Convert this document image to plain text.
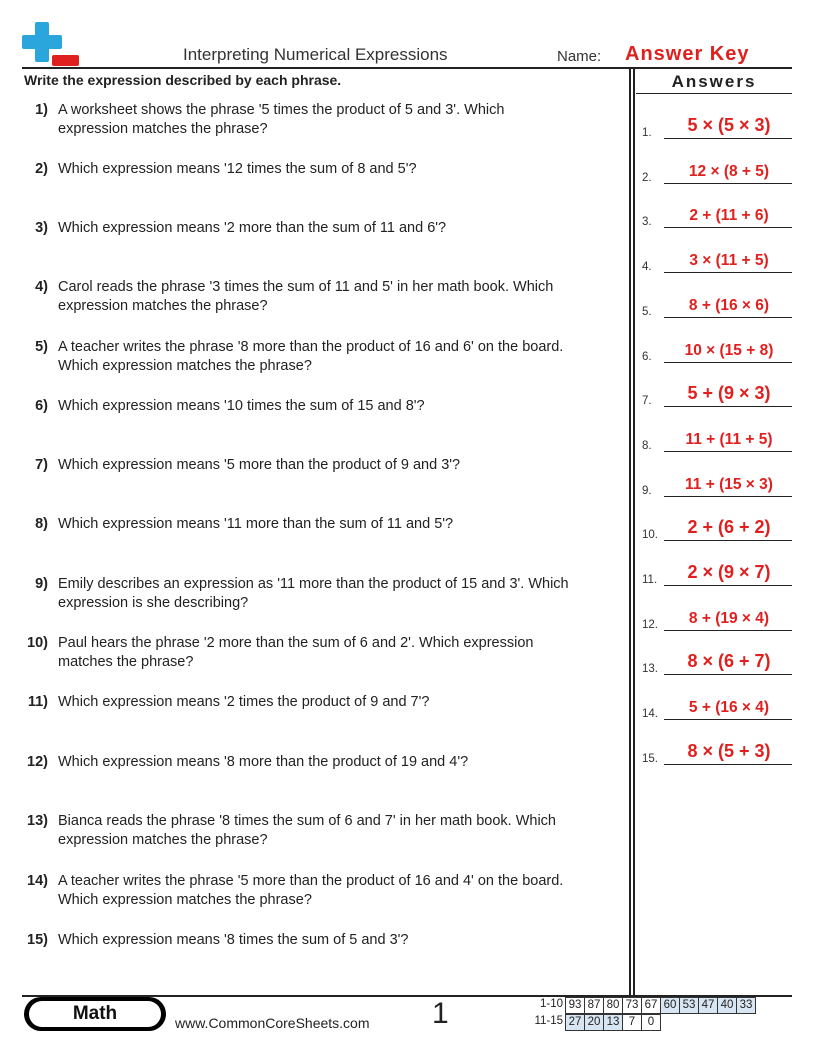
Interpreting Numerical Expressions	Name: Answer Key
Write the expression described by each phrase.	Answers
1) A worksheet shows the phrase '5 times the product of 5 and 3'. Which
expression matches the phrase?
2) Which expression means '12 times the sum of 8 and 5'?
3) Which expression means '2 more than the sum of 11 and 6'?
4) Carol reads the phrase '3 times the sum of 11 and 5' in her math book. Which
expression matches the phrase?
5) A teacher writes the phrase '8 more than the product of 16 and 6' on the board.
Which expression matches the phrase?
6) Which expression means '10 times the sum of 15 and 8'?
7) Which expression means '5 more than the product of 9 and 3'?
8) Which expression means '11 more than the sum of 11 and 5'?
9) Emily describes an expression as '11 more than the product of 15 and 3'. Which
expression is she describing?
10) Paul hears the phrase '2 more than the sum of 6 and 2'. Which expression
matches the phrase?
11) Which expression means '2 times the product of 9 and 7'?
12) Which expression means '8 more than the product of 19 and 4'?
13) Bianca reads the phrase '8 times the sum of 6 and 7' in her math book. Which
expression matches the phrase?
14) A teacher writes the phrase '5 more than the product of 16 and 4' on the board.
Which expression matches the phrase?
15) Which expression means '8 times the sum of 5 and 3'?
1.	5 × (5 × 3)
2.	12 × (8 + 5)
3.	2 + (11 + 6)
4.	3 × (11 + 5)
5.	8 + (16 × 6)
6.	10 × (15 + 8)
7.	5 + (9 × 3)
8.	11 + (11 + 5)
9.	11 + (15 × 3)
10.	2 + (6 + 2)
11.	2 × (9 × 7)
12.	8 + (19 × 4)
13.	8 × (6 + 7)
14.	5 + (16 × 4)
15.	8 × (5 + 3)
Math	www.CommonCoreSheets.com 1	1-10 93 87 80 73 67 60 53 47 40 33
11-15 27 20 13 7	0
